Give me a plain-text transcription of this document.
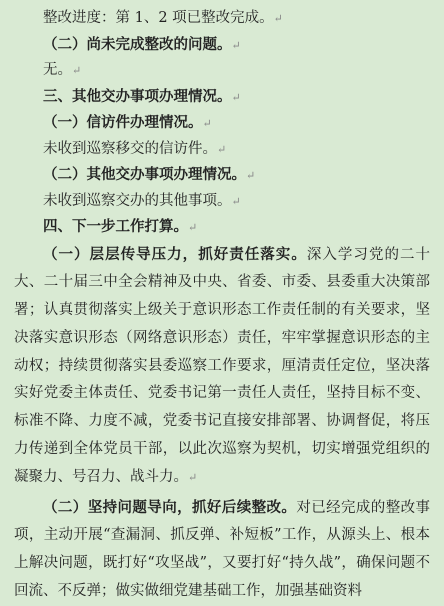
整改进度：第 1、2 项已整改完成。↵

（二）尚未完成整改的问题。↵

无。↵

三、其他交办事项办理情况。↵

（一）信访件办理情况。↵

未收到巡察移交的信访件。↵

（二）其他交办事项办理情况。↵

未收到巡察交办的其他事项。↵

四、下一步工作打算。↵

（一）层层传导压力，抓好责任落实。深入学习党的二十大、二十届三中全会精神及中央、省委、市委、县委重大决策部署；认真贯彻落实上级关于意识形态工作责任制的有关要求，坚决落实意识形态（网络意识形态）责任，牢牢掌握意识形态的主动权；持续贯彻落实县委巡察工作要求，厘清责任定位，坚决落实好党委主体责任、党委书记第一责任人责任，坚持目标不变、标准不降、力度不减，党委书记直接安排部署、协调督促，将压力传递到全体党员干部，以此次巡察为契机，切实增强党组织的凝聚力、号召力、战斗力。↵

（二）坚持问题导向，抓好后续整改。对已经完成的整改事项，主动开展“查漏洞、抓反弹、补短板”工作，从源头上、根本上解决问题，既打好“攻坚战”，又要打好“持久战”，确保问题不回流、不反弹；做实做细党建基础工作，加强基础资料
